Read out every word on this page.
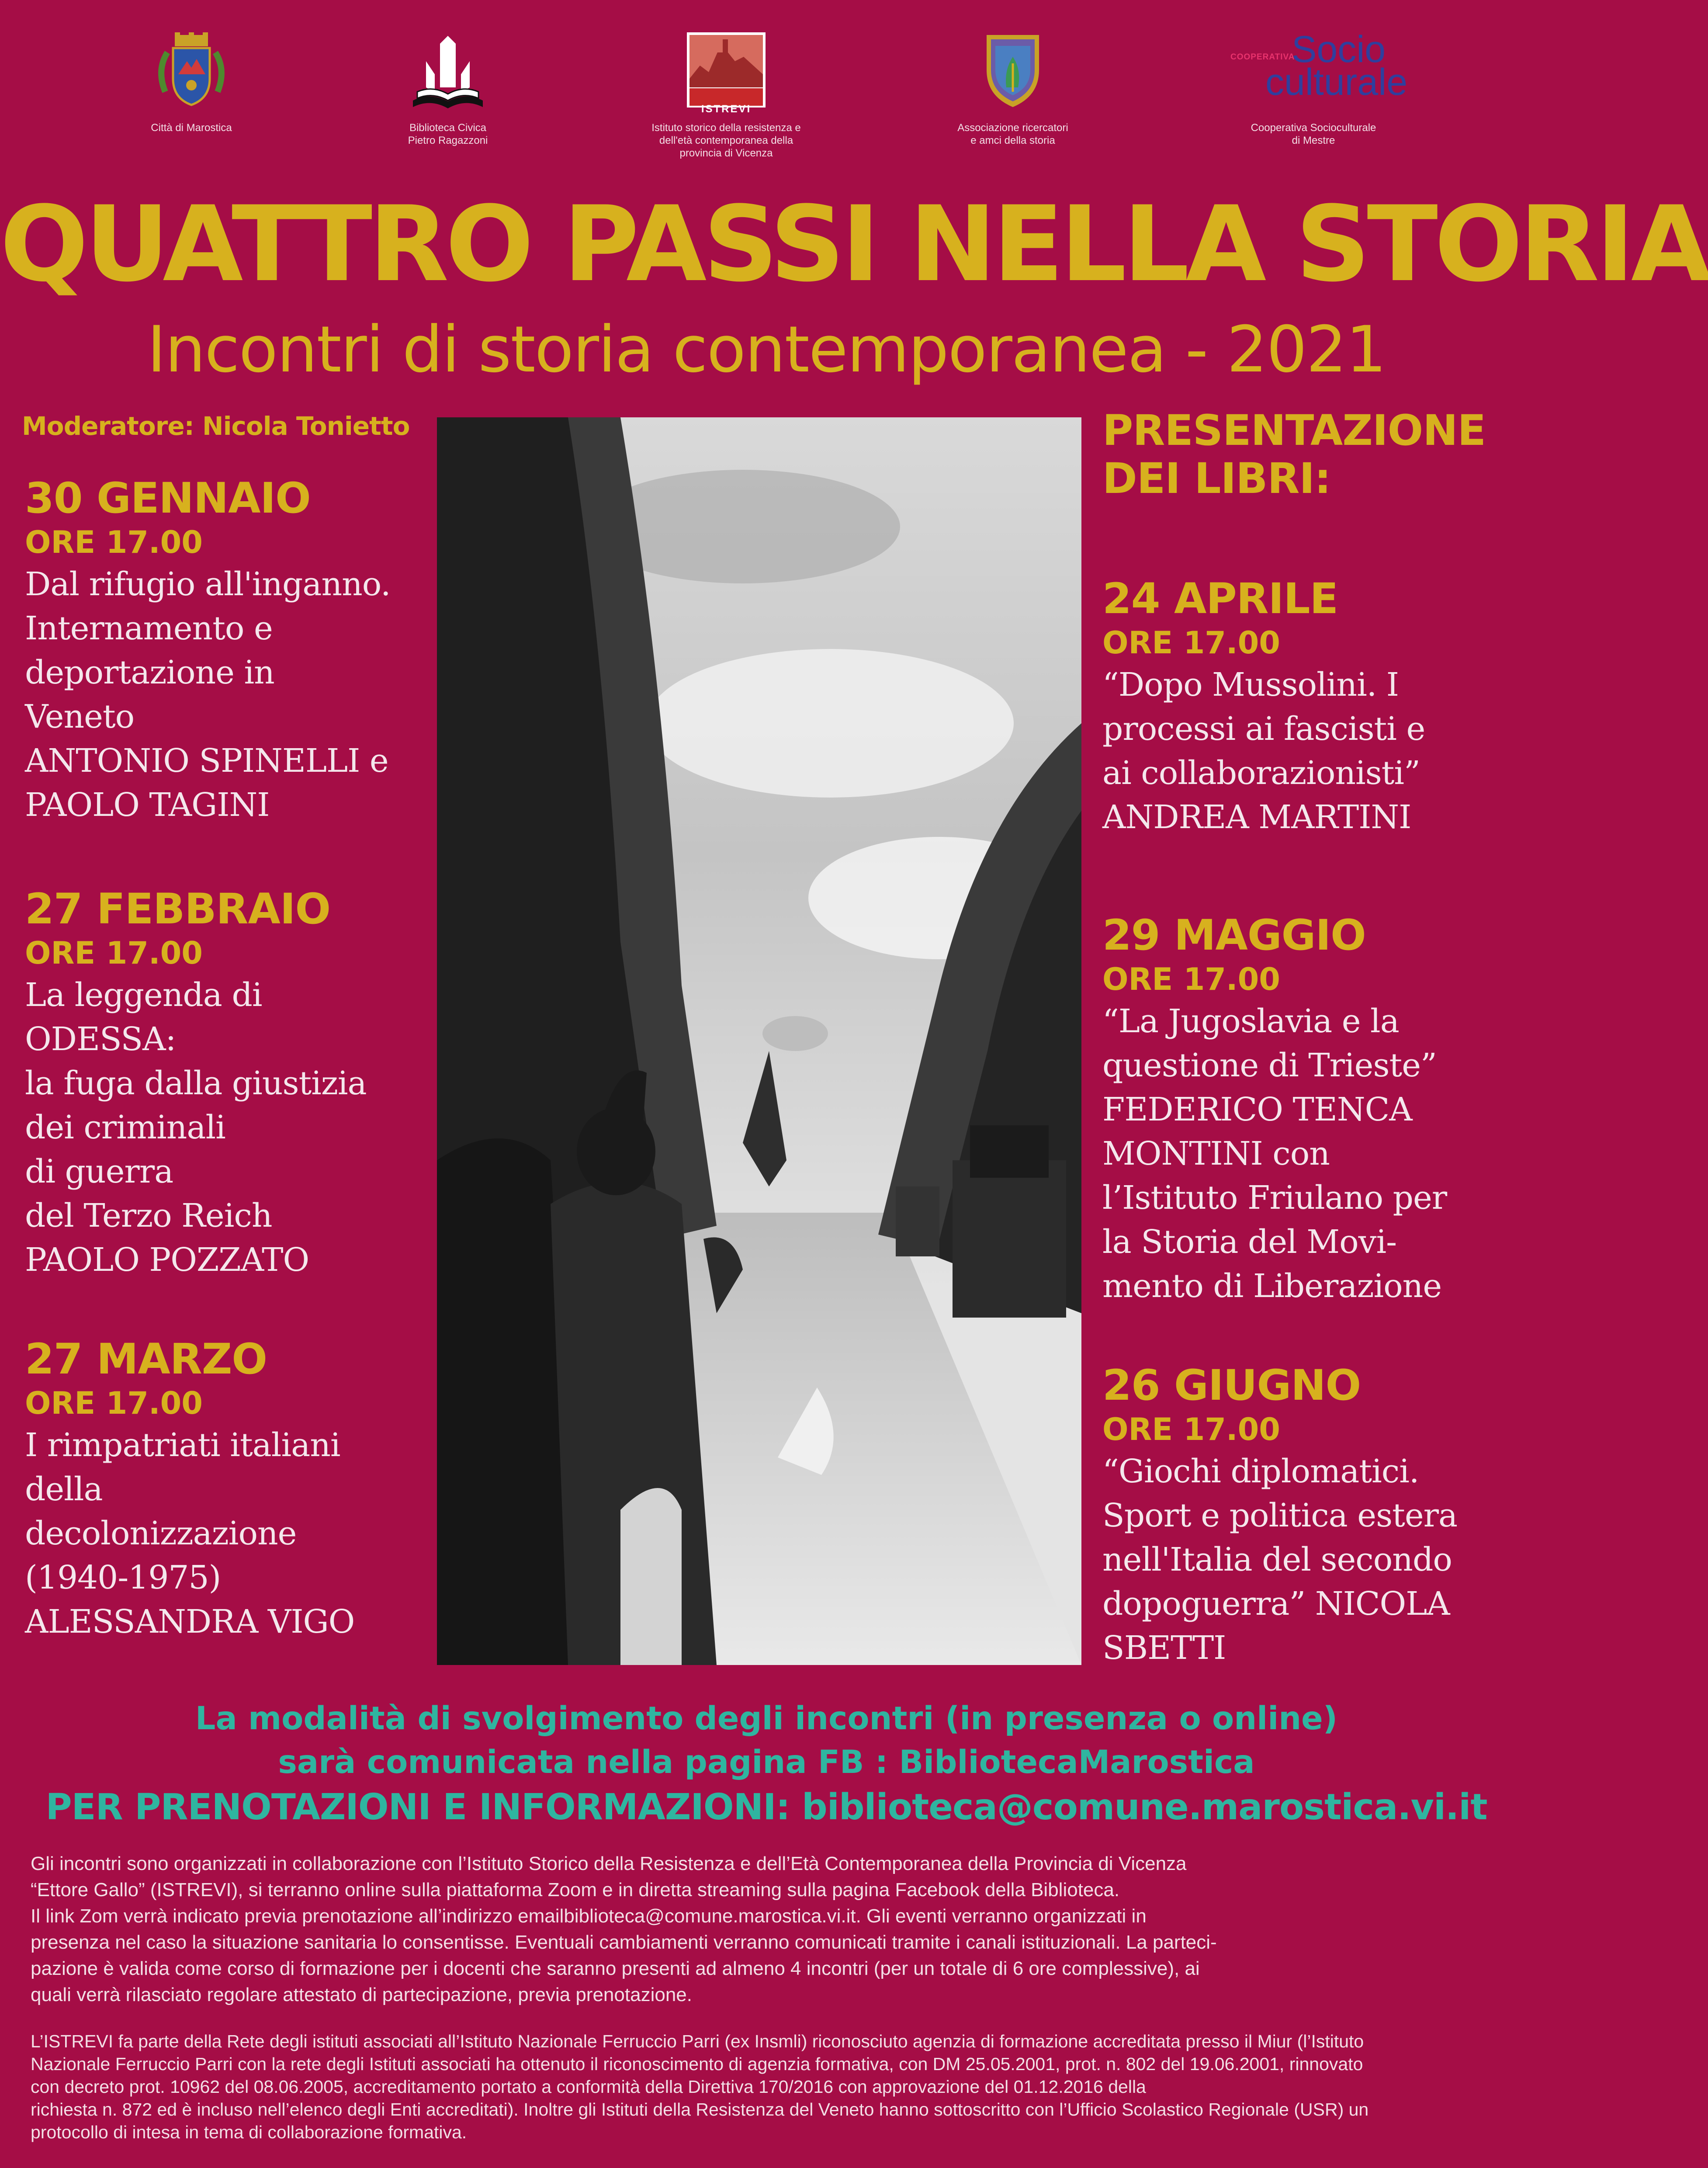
Città di Marostica	Biblioteca Civica
Pietro Ragazzoni
ISTREVI
Istituto storico della resistenza e
dell'età contemporanea della
provincia di Vicenza
Associazione ricercatori
e amci della storia
COOPERATIVA
Socio
culturale
Cooperativa Socioculturale
di Mestre
QUATTRO PASSI NELLA STORIA
Incontri di storia contemporanea - 2021
Moderatore: Nicola Tonietto
30 GENNAIO
ORE 17.00
Dal rifugio all'inganno.
Internamento e
deportazione in
Veneto
ANTONIO SPINELLI e
PAOLO TAGINI
27 FEBBRAIO
ORE 17.00
La leggenda di
ODESSA:
la fuga dalla giustizia
dei criminali
di guerra
del Terzo Reich
PAOLO POZZATO
27 MARZO
ORE 17.00
I rimpatriati italiani
della
decolonizzazione
(1940-1975)
ALESSANDRA VIGO
PRESENTAZIONE
DEI LIBRI:
24 APRILE
ORE 17.00
“Dopo Mussolini. I
processi ai fascisti e
ai collaborazionisti”
ANDREA MARTINI
29 MAGGIO
ORE 17.00
“La Jugoslavia e la
questione di Trieste”
FEDERICO TENCA
MONTINI con
l’Istituto Friulano per
la Storia del Movi-
mento di Liberazione
26 GIUGNO
ORE 17.00
“Giochi diplomatici.
Sport e politica estera
nell'Italia del secondo
dopoguerra” NICOLA
SBETTI
La modalità di svolgimento degli incontri (in presenza o online)
sarà comunicata nella pagina FB : BibliotecaMarostica
PER PRENOTAZIONI E INFORMAZIONI: biblioteca@comune.marostica.vi.it
Gli incontri sono organizzati in collaborazione con l’Istituto Storico della Resistenza e dell’Età Contemporanea della Provincia di Vicenza
“Ettore Gallo” (ISTREVI), si terranno online sulla piattaforma Zoom e in diretta streaming sulla pagina Facebook della Biblioteca.
Il link Zom verrà indicato previa prenotazione all’indirizzo emailbiblioteca@comune.marostica.vi.it. Gli eventi verranno organizzati in
presenza nel caso la situazione sanitaria lo consentisse. Eventuali cambiamenti verranno comunicati tramite i canali istituzionali. La parteci-
pazione è valida come corso di formazione per i docenti che saranno presenti ad almeno 4 incontri (per un totale di 6 ore complessive), ai
quali verrà rilasciato regolare attestato di partecipazione, previa prenotazione.
L’ISTREVI fa parte della Rete degli istituti associati all’Istituto Nazionale Ferruccio Parri (ex Insmli) riconosciuto agenzia di formazione accreditata presso il Miur (l’Istituto
Nazionale Ferruccio Parri con la rete degli Istituti associati ha ottenuto il riconoscimento di agenzia formativa, con DM 25.05.2001, prot. n. 802 del 19.06.2001, rinnovato
con decreto prot. 10962 del 08.06.2005, accreditamento portato a conformità della Direttiva 170/2016 con approvazione del 01.12.2016 della
richiesta n. 872 ed è incluso nell’elenco degli Enti accreditati). Inoltre gli Istituti della Resistenza del Veneto hanno sottoscritto con l’Ufficio Scolastico Regionale (USR) un
protocollo di intesa in tema di collaborazione formativa.
